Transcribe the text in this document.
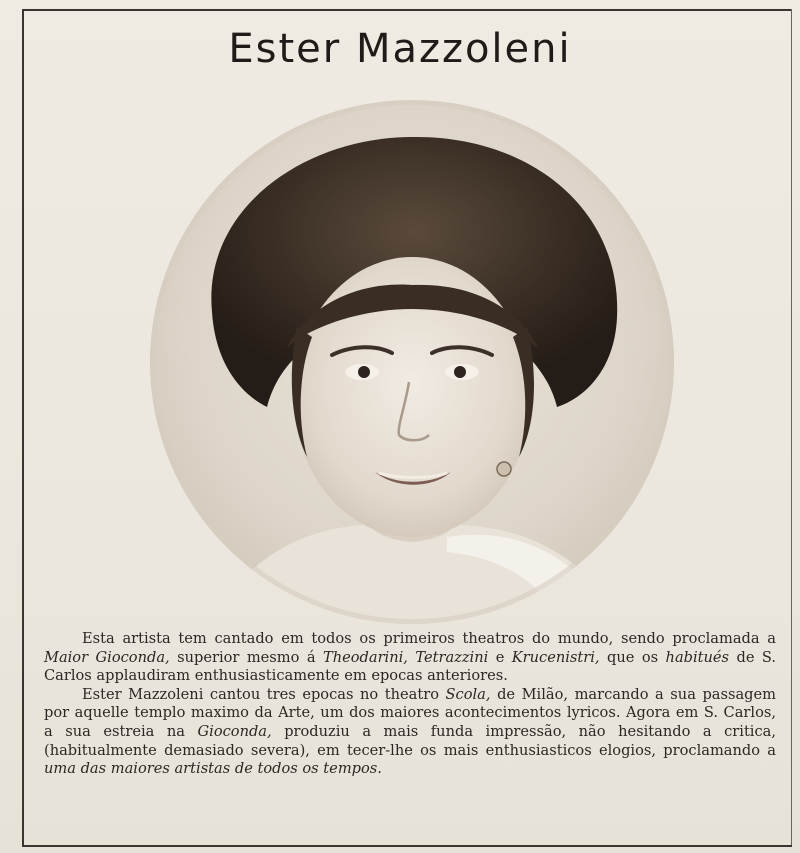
Ester Mazzoleni

Esta artista tem cantado em todos os primeiros theatros do mundo, sendo proclamada a Maior Gioconda, superior mesmo á Theodarini, Tetrazzini e Krucenistri, que os habitués de S. Carlos applaudiram enthusiasticamente em epocas anteriores.

Ester Mazzoleni cantou tres epocas no theatro Scola, de Milão, marcando a sua passagem por aquelle templo maximo da Arte, um dos maiores acontecimentos lyricos. Agora em S. Carlos, a sua estreia na Gioconda, produziu a mais funda impressão, não hesitando a critica, (habitualmente demasiado severa), em tecer-lhe os mais enthusiasticos elogios, proclamando a uma das maiores artistas de todos os tempos.
